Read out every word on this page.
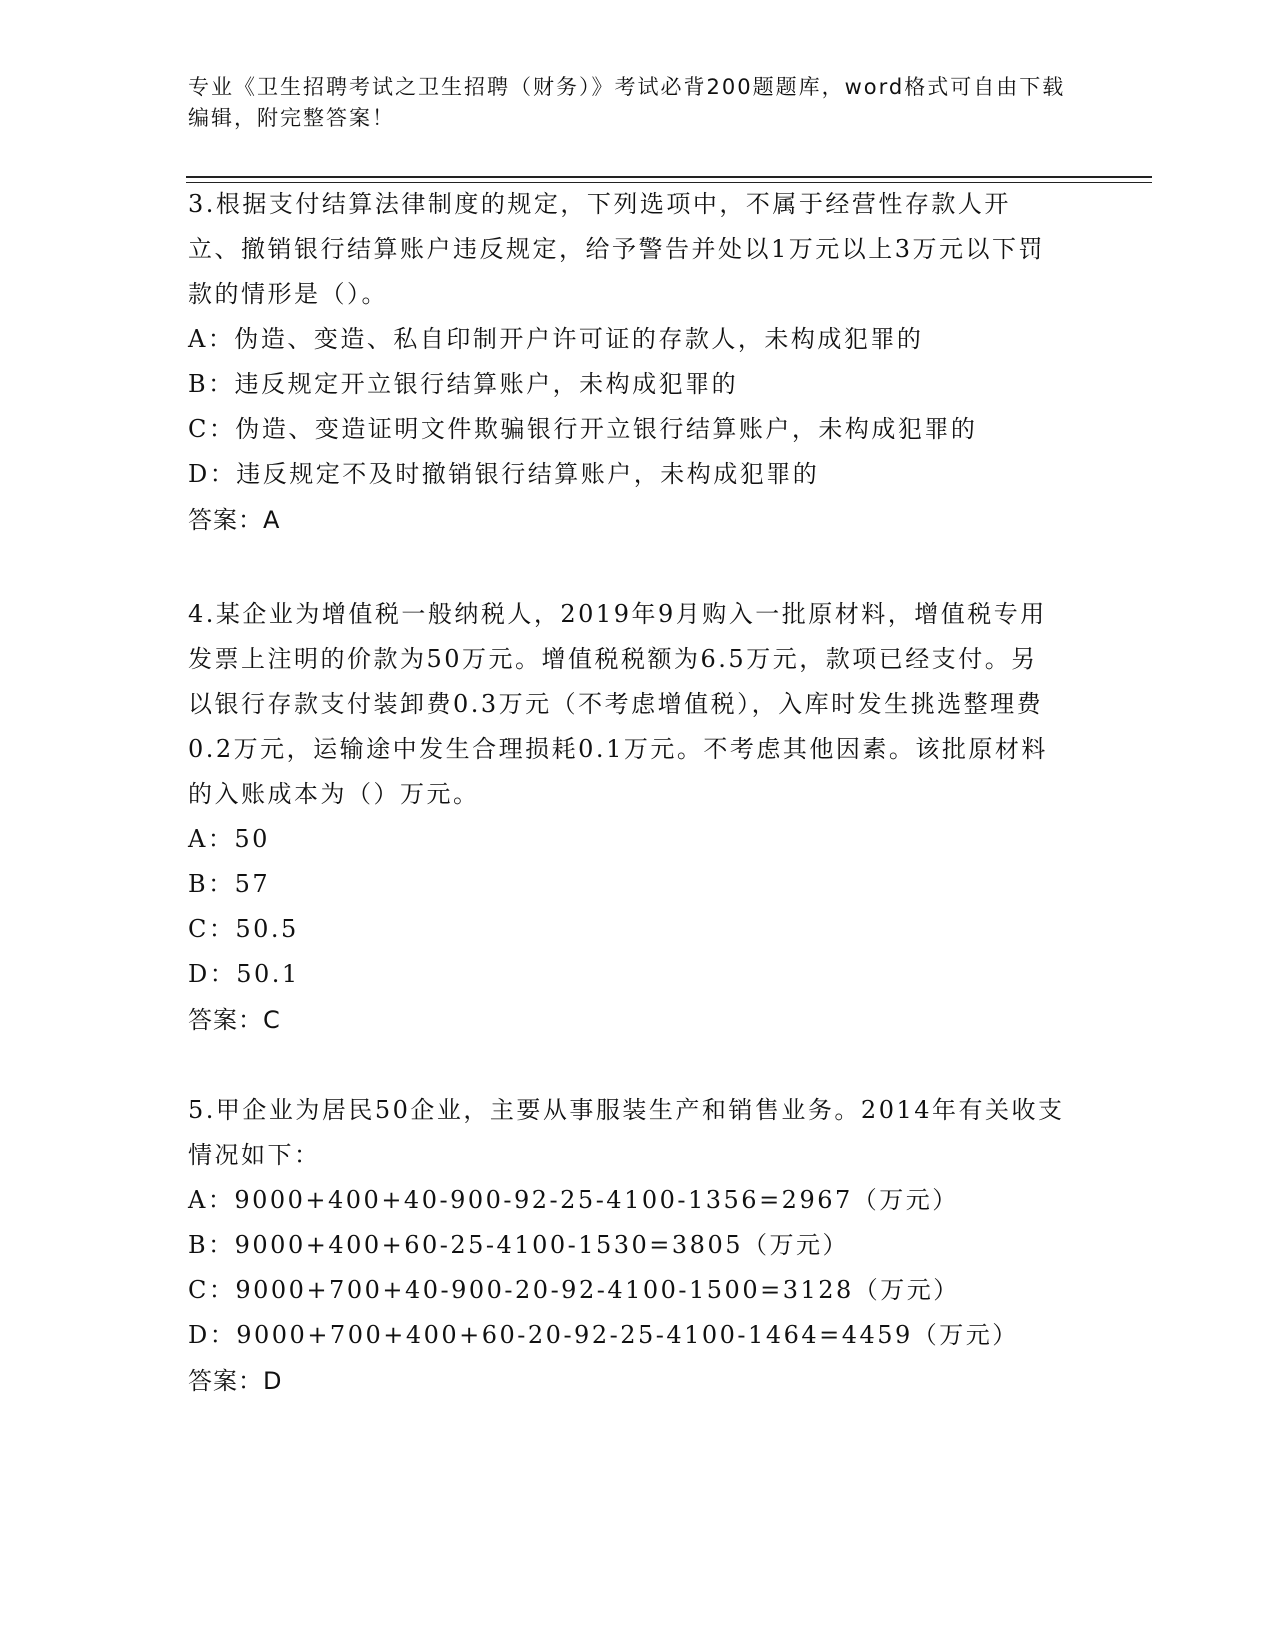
专业《卫生招聘考试之卫生招聘（财务）》考试必背200题题库，word格式可自由下载编辑，附完整答案！

3.根据支付结算法律制度的规定，下列选项中，不属于经营性存款人开立、撤销银行结算账户违反规定，给予警告并处以1万元以上3万元以下罚款的情形是（）。

A：伪造、变造、私自印制开户许可证的存款人，未构成犯罪的
B：违反规定开立银行结算账户，未构成犯罪的
C：伪造、变造证明文件欺骗银行开立银行结算账户，未构成犯罪的
D：违反规定不及时撤销银行结算账户，未构成犯罪的
答案：A

4.某企业为增值税一般纳税人，2019年9月购入一批原材料，增值税专用发票上注明的价款为50万元。增值税税额为6.5万元，款项已经支付。另以银行存款支付装卸费0.3万元（不考虑增值税），入库时发生挑选整理费0.2万元，运输途中发生合理损耗0.1万元。不考虑其他因素。该批原材料的入账成本为（）万元。

A：50
B：57
C：50.5
D：50.1
答案：C

5.甲企业为居民50企业，主要从事服装生产和销售业务。2014年有关收支情况如下：

A：9000+400+40-900-92-25-4100-1356=2967（万元）
B：9000+400+60-25-4100-1530=3805（万元）
C：9000+700+40-900-20-92-4100-1500=3128（万元）
D：9000+700+400+60-20-92-25-4100-1464=4459（万元）
答案：D
